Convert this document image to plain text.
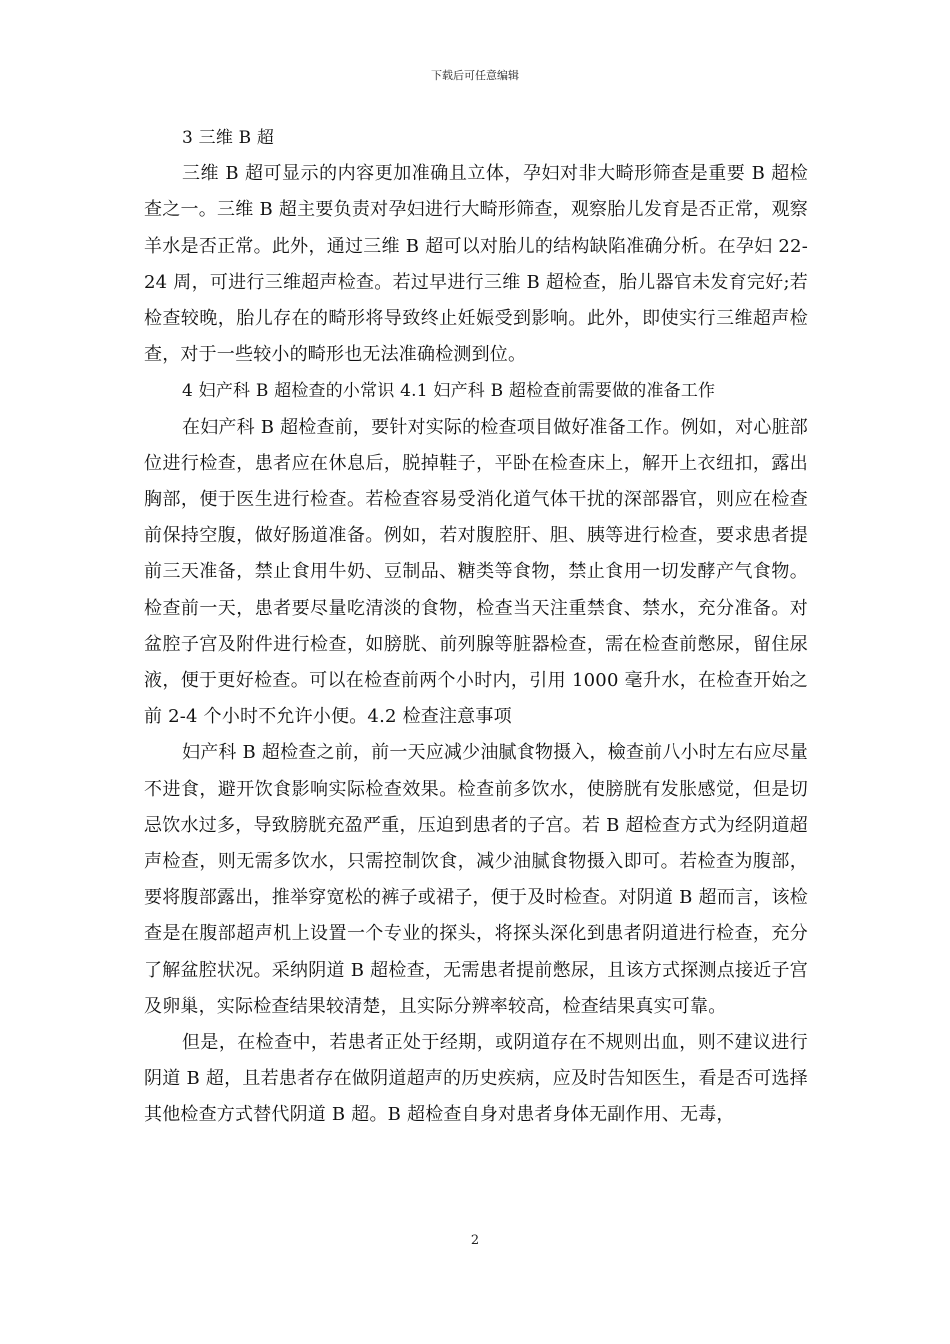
下载后可任意编辑

3 三维 B 超

三维 B 超可显示的内容更加准确且立体，孕妇对非大畸形筛查是重要 B 超检查之一。三维 B 超主要负责对孕妇进行大畸形筛查，观察胎儿发育是否正常，观察羊水是否正常。此外，通过三维 B 超可以对胎儿的结构缺陷准确分析。在孕妇 22-24 周，可进行三维超声检查。若过早进行三维 B 超检查，胎儿器官未发育完好;若检查较晚，胎儿存在的畸形将导致终止妊娠受到影响。此外，即使实行三维超声检查，对于一些较小的畸形也无法准确检测到位。

4 妇产科 B 超检查的小常识 4.1 妇产科 B 超检查前需要做的准备工作

在妇产科 B 超检查前，要针对实际的检查项目做好准备工作。例如，对心脏部位进行检查，患者应在休息后，脱掉鞋子，平卧在检查床上，解开上衣纽扣，露出胸部，便于医生进行检查。若检查容易受消化道气体干扰的深部器官，则应在检查前保持空腹，做好肠道准备。例如，若对腹腔肝、胆、胰等进行检查，要求患者提前三天准备，禁止食用牛奶、豆制品、糖类等食物，禁止食用一切发酵产气食物。检查前一天，患者要尽量吃清淡的食物，检查当天注重禁食、禁水，充分准备。对盆腔子宫及附件进行检查，如膀胱、前列腺等脏器检查，需在检查前憋尿，留住尿液，便于更好检查。可以在检查前两个小时内，引用 1000 毫升水，在检查开始之前 2-4 个小时不允许小便。4.2 检查注意事项

妇产科 B 超检查之前，前一天应减少油腻食物摄入，檢查前八小时左右应尽量不进食，避开饮食影响实际检查效果。检查前多饮水，使膀胱有发胀感觉，但是切忌饮水过多，导致膀胱充盈严重，压迫到患者的子宫。若 B 超检查方式为经阴道超声检查，则无需多饮水，只需控制饮食，减少油腻食物摄入即可。若检查为腹部，要将腹部露出，推举穿宽松的裤子或裙子，便于及时检查。对阴道 B 超而言，该检查是在腹部超声机上设置一个专业的探头，将探头深化到患者阴道进行检查，充分了解盆腔状况。采纳阴道 B 超检查，无需患者提前憋尿，且该方式探测点接近子宫及卵巢，实际检查结果较清楚，且实际分辨率较高，检查结果真实可靠。

但是，在检查中，若患者正处于经期，或阴道存在不规则出血，则不建议进行阴道 B 超，且若患者存在做阴道超声的历史疾病，应及时告知医生，看是否可选择其他检查方式替代阴道 B 超。B 超检查自身对患者身体无副作用、无毒，

2
